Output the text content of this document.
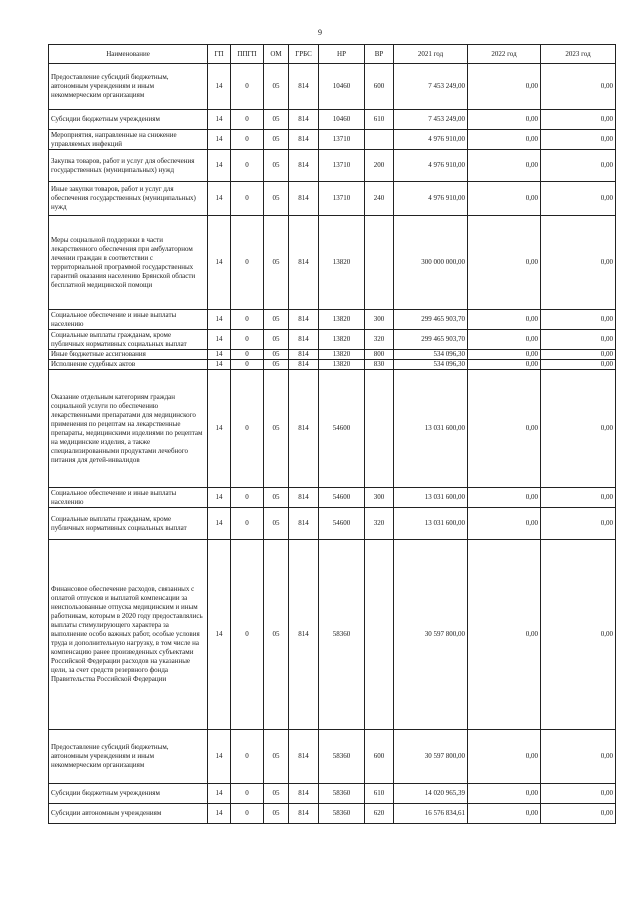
9
Наименование	ГП	ППГП	ОМ	ГРБС	НР	ВР	2021 год	2022 год	2023 год
Предоставление субсидий бюджетным, автономным учреждениям и иным некоммерческим организациям	14	0	05	814	10460	600	7 453 249,00	0,00	0,00
Субсидии бюджетным учреждениям	14	0	05	814	10460	610	7 453 249,00	0,00	0,00
Мероприятия, направленные на снижение управляемых инфекций	14	0	05	814	13710		4 976 910,00	0,00	0,00
Закупка товаров, работ и услуг для обеспечения государственных (муниципальных) нужд	14	0	05	814	13710	200	4 976 910,00	0,00	0,00
Иные закупки товаров, работ и услуг для обеспечения государственных (муниципальных) нужд	14	0	05	814	13710	240	4 976 910,00	0,00	0,00
Меры социальной поддержки в части лекарственного обеспечения при амбулаторном лечении граждан в соответствии с территориальной программой государственных гарантий оказания населению Брянской области бесплатной медицинской помощи	14	0	05	814	13820		300 000 000,00	0,00	0,00
Социальное обеспечение и иные выплаты населению	14	0	05	814	13820	300	299 465 903,70	0,00	0,00
Социальные выплаты гражданам, кроме публичных нормативных социальных выплат	14	0	05	814	13820	320	299 465 903,70	0,00	0,00
Иные бюджетные ассигнования	14	0	05	814	13820	800	534 096,30	0,00	0,00
Исполнение судебных актов	14	0	05	814	13820	830	534 096,30	0,00	0,00
Оказание отдельным категориям граждан социальной услуги по обеспечению лекарственными препаратами для медицинского применения по рецептам на лекарственные препараты, медицинскими изделиями по рецептам на медицинские изделия, а также специализированными продуктами лечебного питания для детей-инвалидов	14	0	05	814	54600		13 031 600,00	0,00	0,00
Социальное обеспечение и иные выплаты населению	14	0	05	814	54600	300	13 031 600,00	0,00	0,00
Социальные выплаты гражданам, кроме публичных нормативных социальных выплат	14	0	05	814	54600	320	13 031 600,00	0,00	0,00
Финансовое обеспечение расходов, связанных с оплатой отпусков и выплатой компенсации за неиспользованные отпуска медицинским и иным работникам, которым в 2020 году предоставлялись выплаты стимулирующего характера за выполнение особо важных работ, особые условия труда и дополнительную нагрузку, в том числе на компенсацию ранее произведенных субъектами Российской Федерации расходов на указанные цели, за счет средств резервного фонда Правительства Российской Федерации	14	0	05	814	58360		30 597 800,00	0,00	0,00
Предоставление субсидий бюджетным, автономным учреждениям и иным некоммерческим организациям	14	0	05	814	58360	600	30 597 800,00	0,00	0,00
Субсидии бюджетным учреждениям	14	0	05	814	58360	610	14 020 965,39	0,00	0,00
Субсидии автономным учреждениям	14	0	05	814	58360	620	16 576 834,61	0,00	0,00
